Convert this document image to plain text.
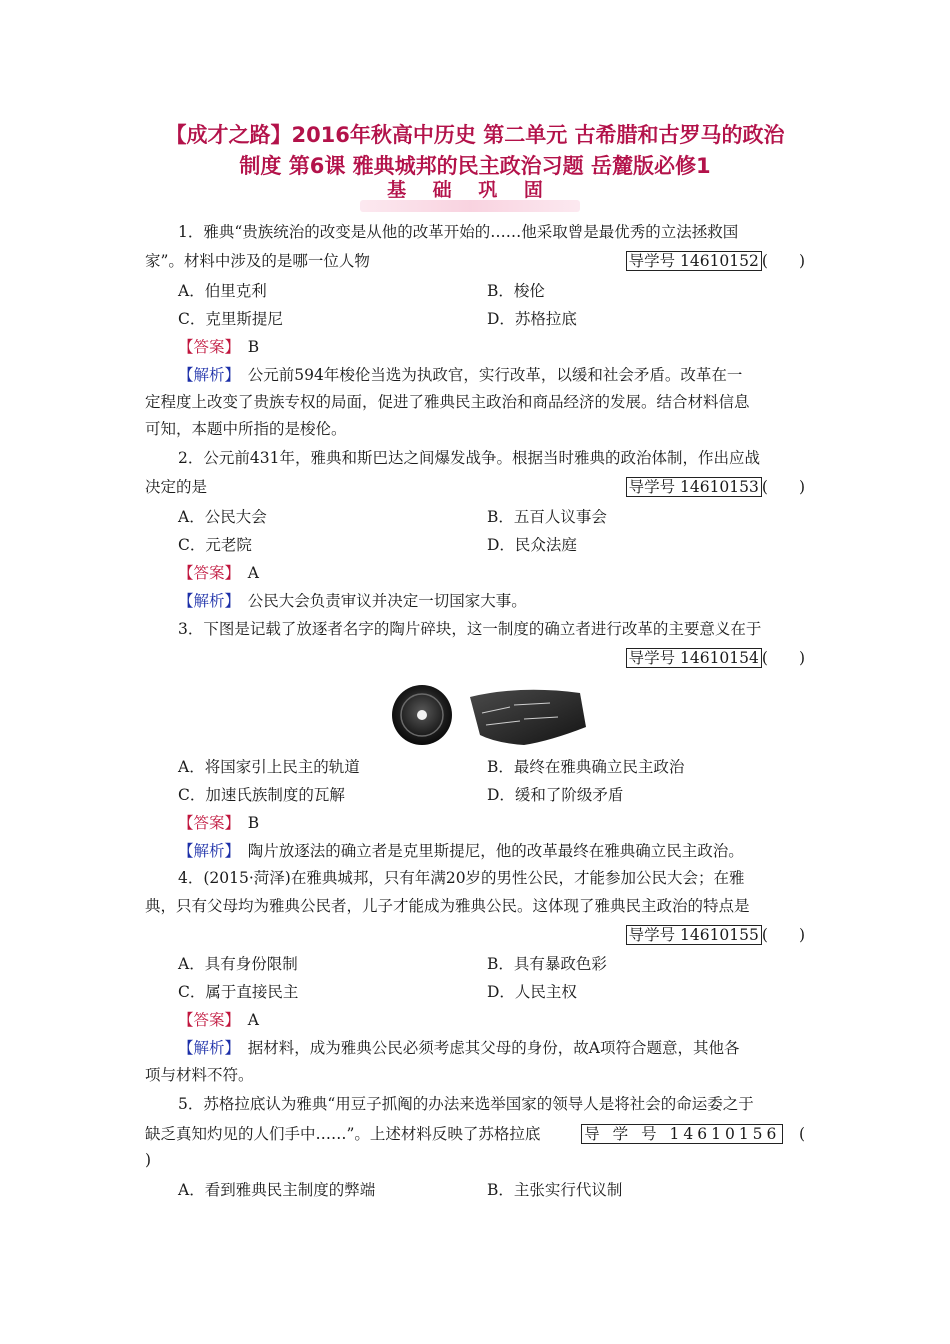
【成才之路】2016年秋高中历史 第二单元 古希腊和古罗马的政治
制度 第6课 雅典城邦的民主政治习题 岳麓版必修1
基 础 巩 固
1．雅典“贵族统治的改变是从他的改革开始的……他采取曾是最优秀的立法拯救国
家”。材料中涉及的是哪一位人物	导学号 14610152 (　　)
A．伯里克利	B．梭伦
C．克里斯提尼	D．苏格拉底
【答案】　 B
【解析】　 公元前594年梭伦当选为执政官，实行改革，以缓和社会矛盾。改革在一
定程度上改变了贵族专权的局面，促进了雅典民主政治和商品经济的发展。结合材料信息
可知，本题中所指的是梭伦。
2．公元前431年，雅典和斯巴达之间爆发战争。根据当时雅典的政治体制，作出应战
决定的是	导学号 14610153 (　　)
A．公民大会	B．五百人议事会
C．元老院	D．民众法庭
【答案】　 A
【解析】　 公民大会负责审议并决定一切国家大事。
3．下图是记载了放逐者名字的陶片碎块，这一制度的确立者进行改革的主要意义在于
导学号 14610154 (　　)
A．将国家引上民主的轨道	B．最终在雅典确立民主政治
C．加速氏族制度的瓦解	D．缓和了阶级矛盾
【答案】　 B
【解析】　 陶片放逐法的确立者是克里斯提尼，他的改革最终在雅典确立民主政治。
4．(2015·菏泽)在雅典城邦，只有年满20岁的男性公民，才能参加公民大会；在雅
典，只有父母均为雅典公民者，儿子才能成为雅典公民。这体现了雅典民主政治的特点是
导学号 14610155 (　　)
A．具有身份限制	B．具有暴政色彩
C．属于直接民主	D．人民主权
【答案】　 A
【解析】　 据材料，成为雅典公民必须考虑其父母的身份，故A项符合题意，其他各
项与材料不符。
5．苏格拉底认为雅典“用豆子抓阄的办法来选举国家的领导人是将社会的命运委之于
缺乏真知灼见的人们手中……”。上述材料反映了苏格拉底	导 学 号 14610156　 (
)
A．看到雅典民主制度的弊端	B．主张实行代议制
